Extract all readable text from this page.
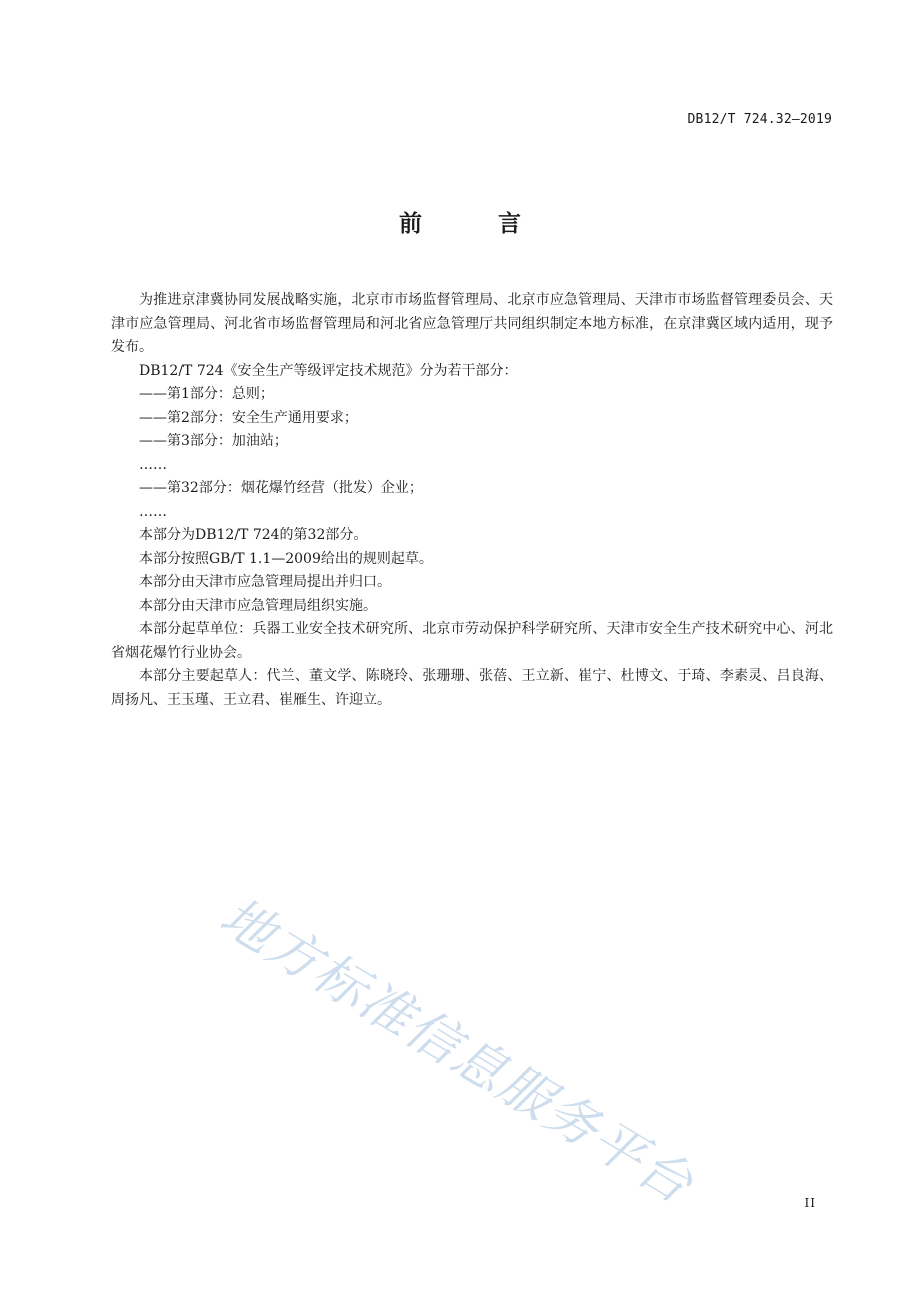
DB12/T 724.32—2019
前 言

为推进京津冀协同发展战略实施，北京市市场监督管理局、北京市应急管理局、天津市市场监督管理委员会、天津市应急管理局、河北省市场监督管理局和河北省应急管理厅共同组织制定本地方标准，在京津冀区域内适用，现予发布。

DB12/T 724《安全生产等级评定技术规范》分为若干部分：

——第1部分：总则；

——第2部分：安全生产通用要求；

——第3部分：加油站；

……

——第32部分：烟花爆竹经营（批发）企业；

……

本部分为DB12/T 724的第32部分。

本部分按照GB/T 1.1—2009给出的规则起草。

本部分由天津市应急管理局提出并归口。

本部分由天津市应急管理局组织实施。

本部分起草单位：兵器工业安全技术研究所、北京市劳动保护科学研究所、天津市安全生产技术研究中心、河北省烟花爆竹行业协会。

本部分主要起草人：代兰、董文学、陈晓玲、张珊珊、张蓓、王立新、崔宁、杜博文、于琦、李素灵、吕良海、周扬凡、王玉瑾、王立君、崔雁生、许迎立。

地方标准信息服务平台	II
